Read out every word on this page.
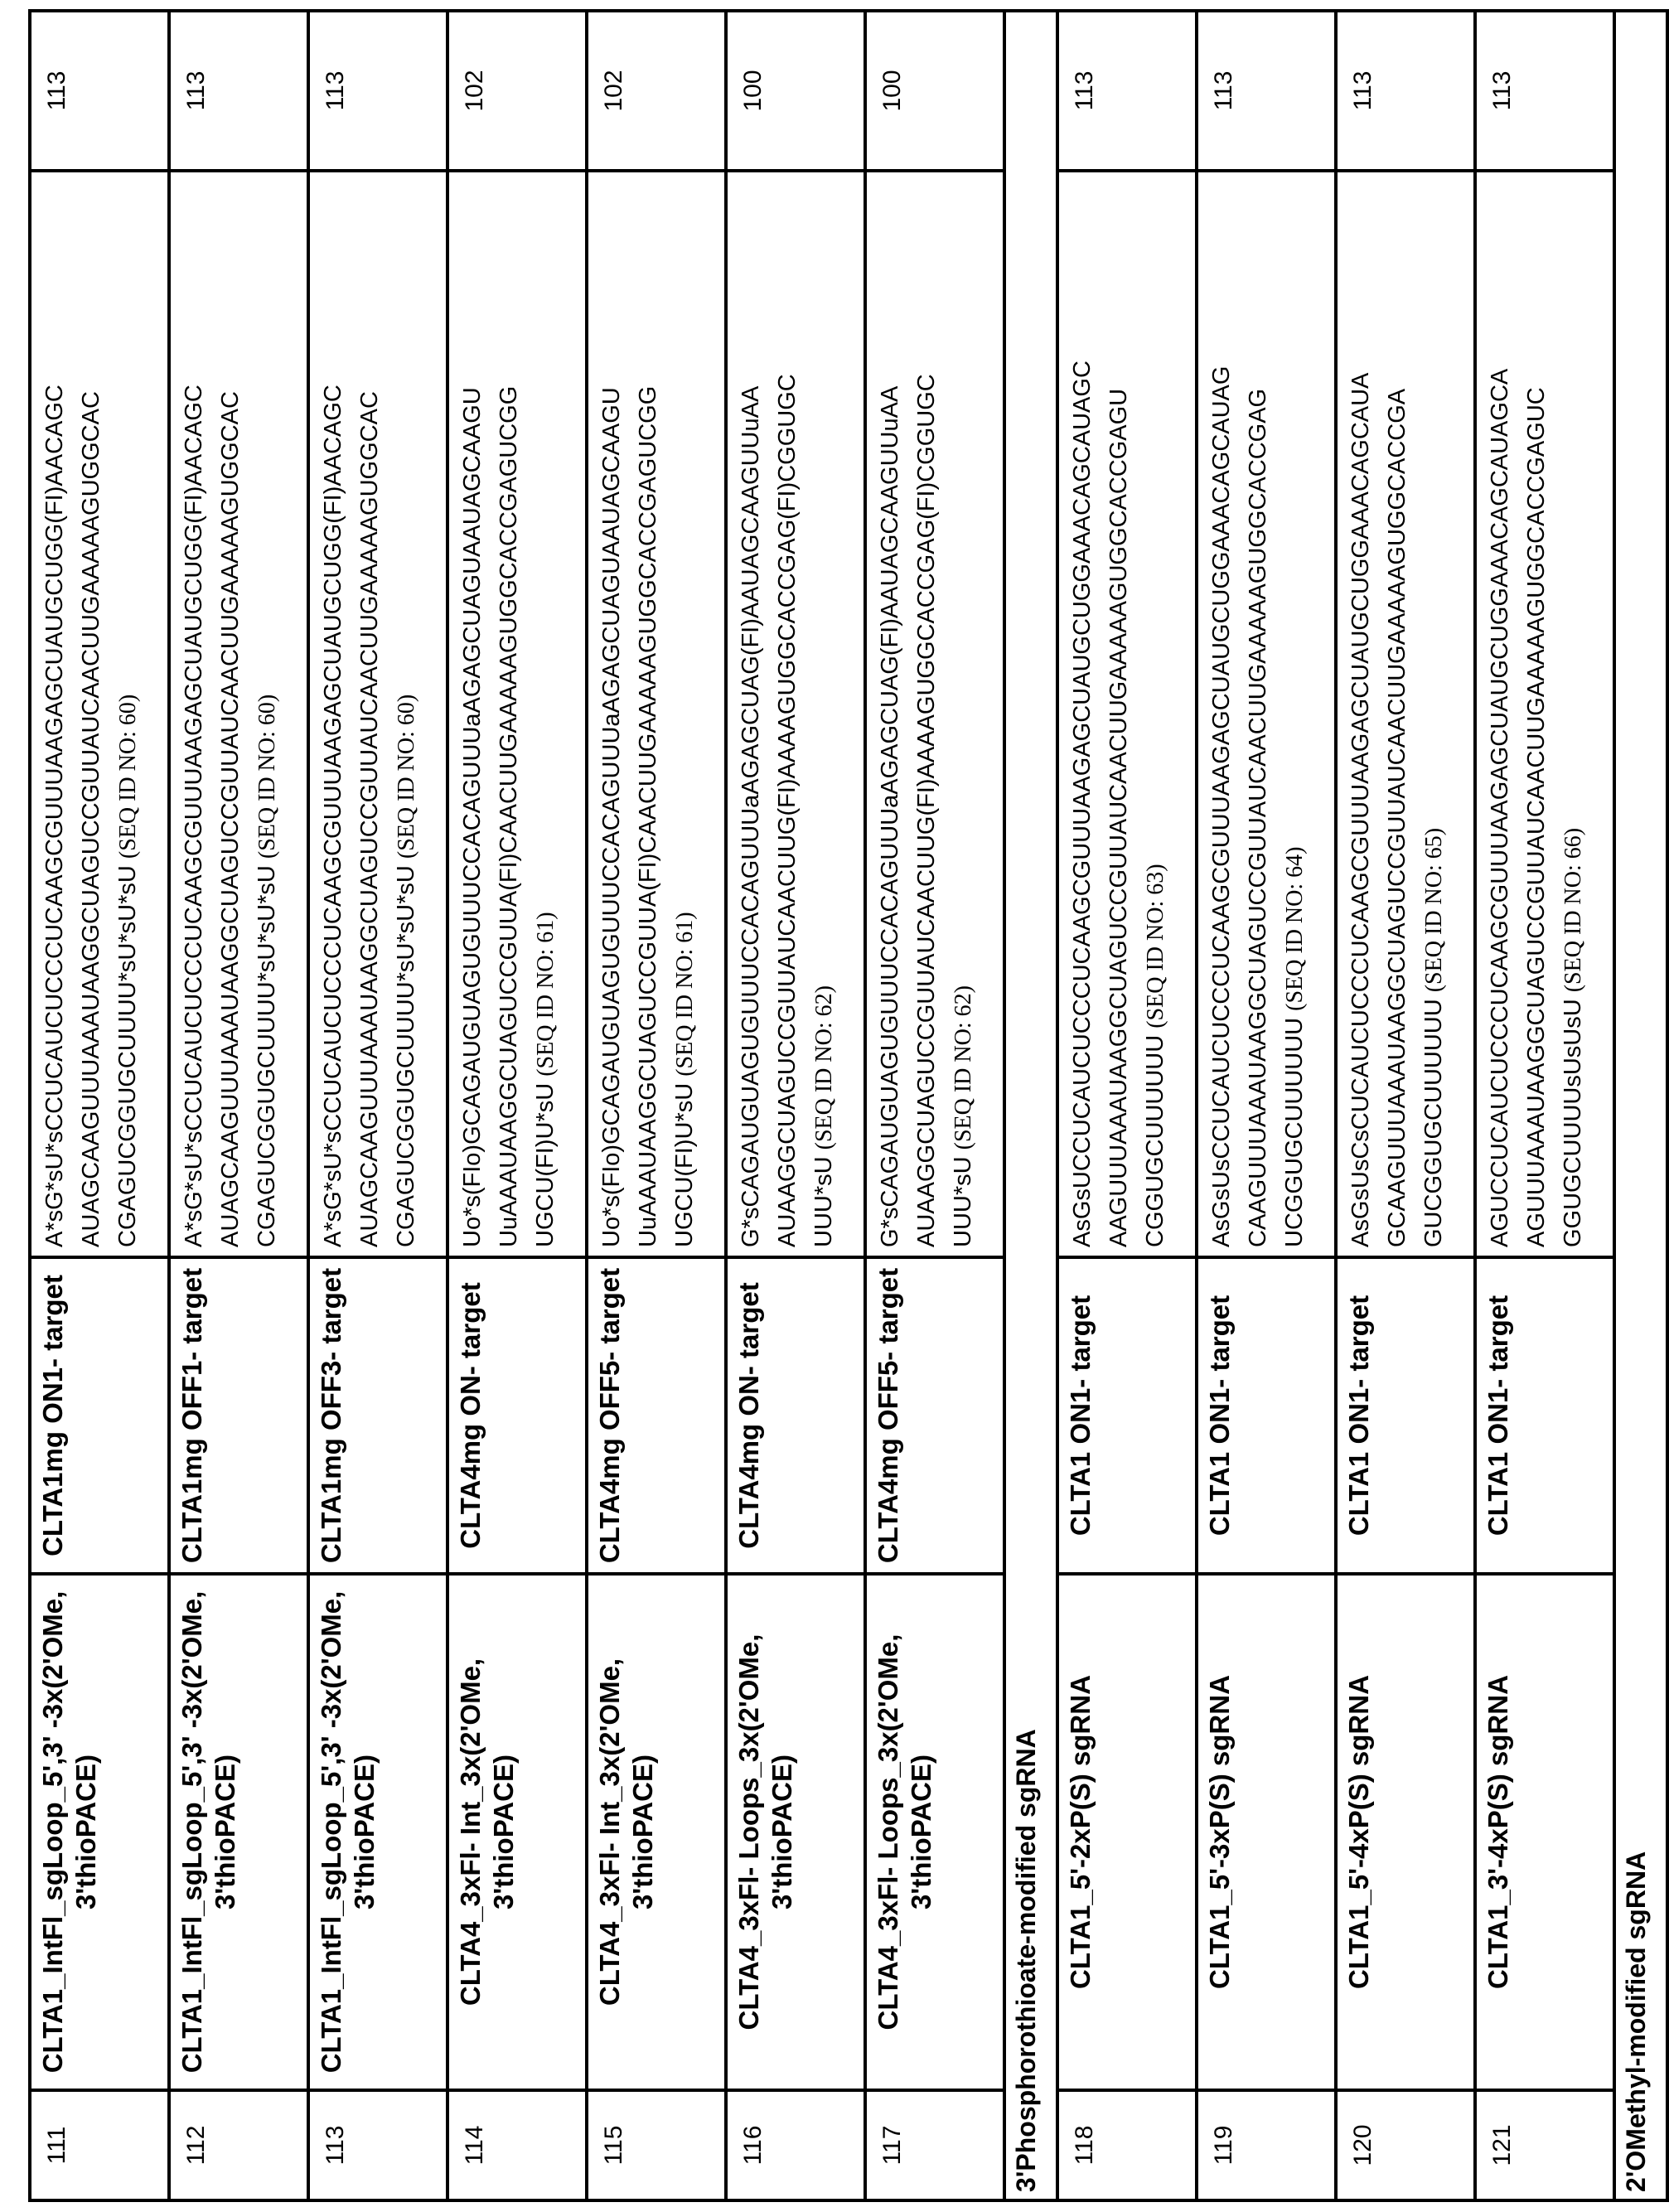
111	CLTA1_IntFl_sgLoop_5',3' -3x(2'OMe, 3'thioPACE)	CLTA1mg ON1- target	
A*sG*sU*sCCUCAUCUCCCUCAAGCGUUUAAGAGCUAUGCUGG(FI)AACAGC AUAGCAAGUUUAAAUAAGGCUAGUCCGUUAUCAACUUGAAAAAGUGGCAC CGAGUCGGUGCUUUU*sU*sU*sU (SEQ ID NO: 60)
	113
112	CLTA1_IntFl_sgLoop_5',3' -3x(2'OMe, 3'thioPACE)	CLTA1mg OFF1- target	
A*sG*sU*sCCUCAUCUCCCUCAAGCGUUUAAGAGCUAUGCUGG(FI)AACAGC AUAGCAAGUUUAAAUAAGGCUAGUCCGUUAUCAACUUGAAAAAGUGGCAC CGAGUCGGUGCUUUU*sU*sU*sU (SEQ ID NO: 60)
	113
113	CLTA1_IntFl_sgLoop_5',3' -3x(2'OMe, 3'thioPACE)	CLTA1mg OFF3- target	
A*sG*sU*sCCUCAUCUCCCUCAAGCGUUUAAGAGCUAUGCUGG(FI)AACAGC AUAGCAAGUUUAAAUAAGGCUAGUCCGUUAUCAACUUGAAAAAGUGGCAC CGAGUCGGUGCUUUU*sU*sU*sU (SEQ ID NO: 60)
	113
114	CLTA4_3xFl- Int_3x(2'OMe, 3'thioPACE)	CLTA4mg ON- target	
Uo*s(FIo)GCAGAUGUAGUGUUUCCACAGUUUaAGAGCUAGUAAUAGCAAGU UuAAAUAAGGCUAGUCCGUUA(FI)CAACUUGAAAAAGUGGCACCGAGUCGG UGCU(FI)U*sU (SEQ ID NO: 61)
	102
115	CLTA4_3xFl- Int_3x(2'OMe, 3'thioPACE)	CLTA4mg OFF5- target	
Uo*s(FIo)GCAGAUGUAGUGUUUCCACAGUUUaAGAGCUAGUAAUAGCAAGU UuAAAUAAGGCUAGUCCGUUA(FI)CAACUUGAAAAAGUGGCACCGAGUCGG UGCU(FI)U*sU (SEQ ID NO: 61)
	102
116	CLTA4_3xFl- Loops_3x(2'OMe, 3'thioPACE)	CLTA4mg ON- target	
G*sCAGAUGUAGUGUUUCCACAGUUUaAGAGCUAG(FI)AAUAGCAAGUUuAA AUAAGGCUAGUCCGUUAUCAACUUG(FI)AAAAGUGGCACCGAG(FI)CGGUGC UUU*sU (SEQ ID NO: 62)
	100
117	CLTA4_3xFl- Loops_3x(2'OMe, 3'thioPACE)	CLTA4mg OFF5- target	
G*sCAGAUGUAGUGUUUCCACAGUUUaAGAGCUAG(FI)AAUAGCAAGUUuAA AUAAGGCUAGUCCGUUAUCAACUUG(FI)AAAAGUGGCACCGAG(FI)CGGUGC UUU*sU (SEQ ID NO: 62)
	100
3'Phosphorothioate-modified sgRNA118	CLTA1_5'-2xP(S) sgRNA	CLTA1 ON1- target	
AsGsUCCUCAUCUCCCUCAAGCGUUUAAGAGCUAUGCUGGAAACAGCAUAGC AAGUUUAAAUAAGGCUAGUCCGUUAUCAACUUGAAAAAGUGGCACCGAGU CGGUGCUUUUUU (SEQ ID NO: 63)
	113
119	CLTA1_5'-3xP(S) sgRNA	CLTA1 ON1- target	
AsGsUsCCUCAUCUCCCUCAAGCGUUUAAGAGCUAUGCUGGAAACAGCAUAG CAAGUUUAAAUAAGGCUAGUCCGUUAUCAACUUGAAAAAGUGGCACCGAG UCGGUGCUUUUUU (SEQ ID NO: 64)
	113
120	CLTA1_5'-4xP(S) sgRNA	CLTA1 ON1- target	
AsGsUsCsCUCAUCUCCCUCAAGCGUUUAAGAGCUAUGCUGGAAACAGCAUA GCAAGUUUAAAUAAGGCUAGUCCGUUAUCAACUUGAAAAAGUGGCACCGA GUCGGUGCUUUUUU (SEQ ID NO: 65)
	113
121	CLTA1_3'-4xP(S) sgRNA	CLTA1 ON1- target	
AGUCCUCAUCUCCCUCAAGCGUUUAAGAGCUAUGCUGGAAACAGCAUAGCA AGUUUAAAUAAGGCUAGUCCGUUAUCAACUUGAAAAAGUGGCACCGAGUC GGUGCUUUUsUsUsU (SEQ ID NO: 66)
	113
2'OMethyl-modified sgRNA
